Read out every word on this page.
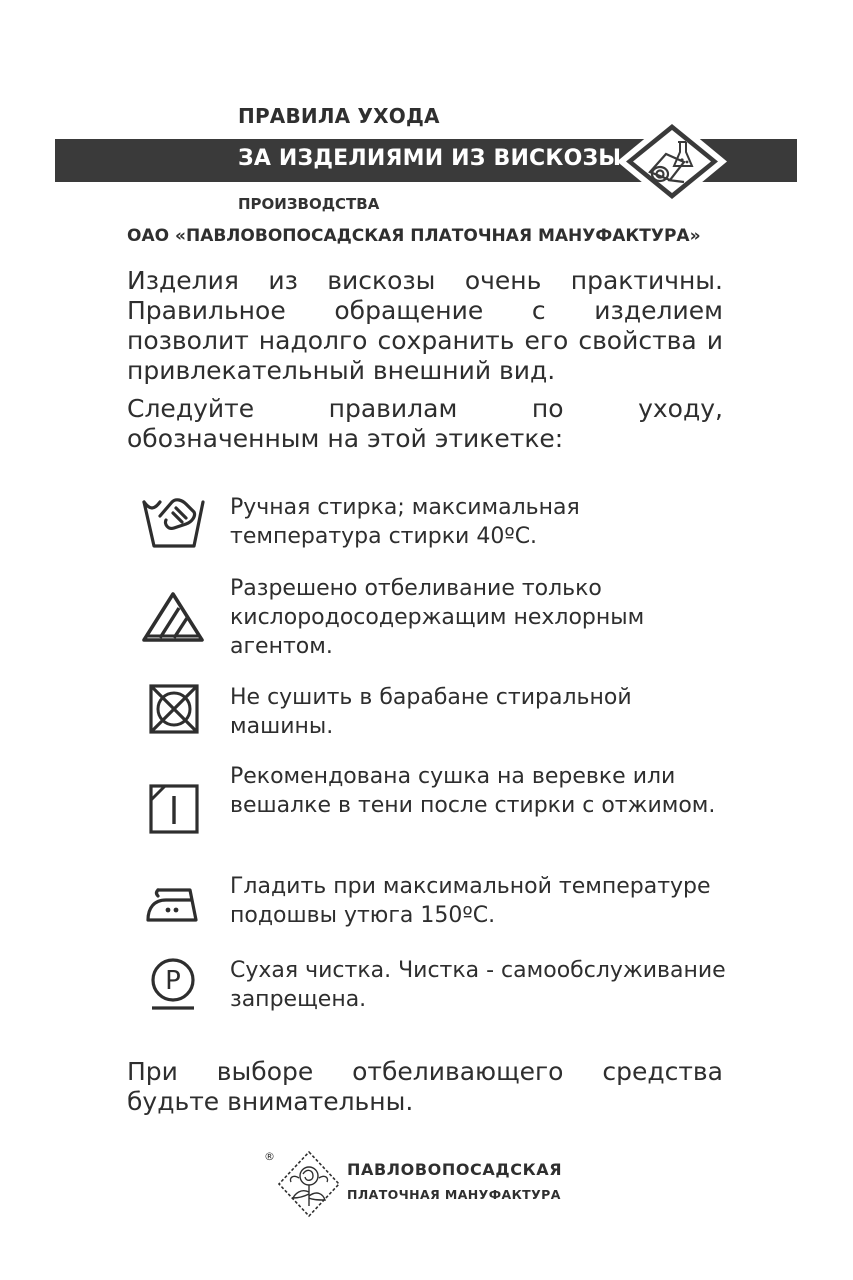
ПРАВИЛА УХОДА
ЗА ИЗДЕЛИЯМИ ИЗ ВИСКОЗЫ
ПРОИЗВОДСТВА
ОАО «ПАВЛОВОПОСАДСКАЯ ПЛАТОЧНАЯ МАНУФАКТУРА»

Изделия из вискозы очень практичны. Правильное обращение с изделием позволит надолго сохранить его свойства и привлекательный внешний вид.

Следуйте правилам по уходу, обозначенным на этой этикетке:

Ручная стирка; максимальная температура стирки 40ºС.
Разрешено отбеливание только кислородосодержащим нехлорным агентом.
Не сушить в барабане стиральной машины.
Рекомендована сушка на веревке или вешалке в тени после стирки с отжимом.
Гладить при максимальной температуре подошвы утюга 150ºС.
P Сухая чистка. Чистка - самообслуживание запрещена.

При выборе отбеливающего средства будьте внимательны.

®
ПАВЛОВОПОСАДСКАЯ
ПЛАТОЧНАЯ МАНУФАКТУРА
